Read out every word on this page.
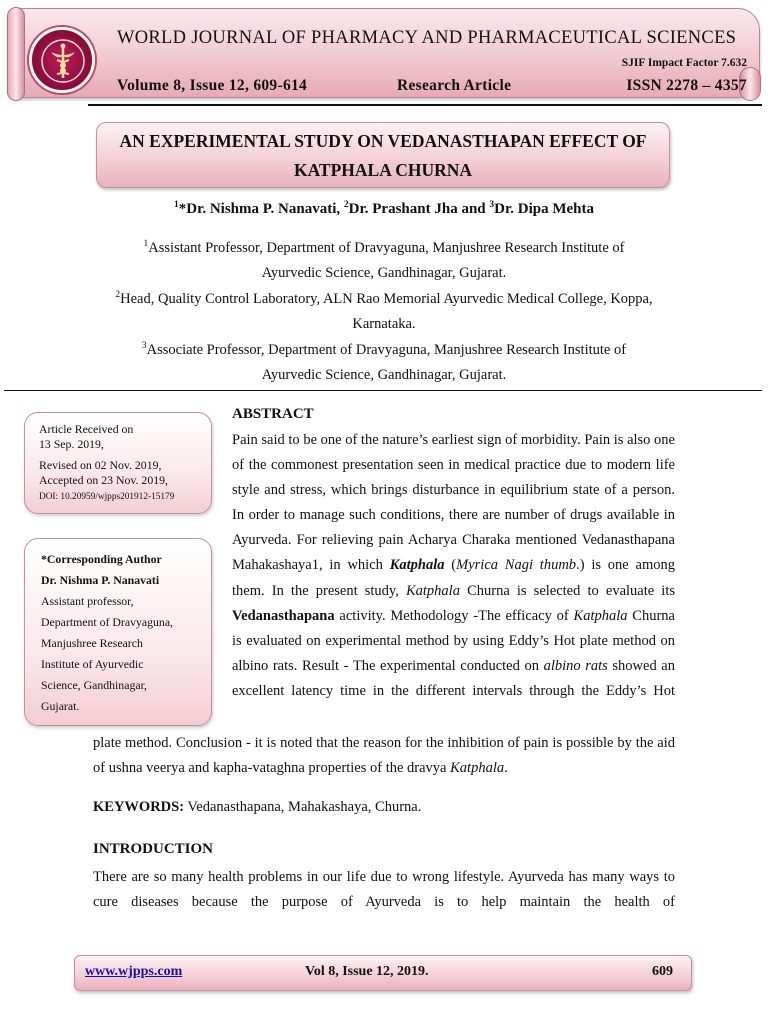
WORLD JOURNAL OF PHARMACY AND PHARMACEUTICAL SCIENCES
SJIF Impact Factor 7.632
Volume 8, Issue 12, 609-614	Research Article	ISSN 2278 – 4357
AN EXPERIMENTAL STUDY ON VEDANASTHAPAN EFFECT OF
KATPHALA CHURNA
$^1$*Dr. Nishma P. Nanavati, $^2$Dr. Prashant Jha and $^3$Dr. Dipa Mehta
$^1$Assistant Professor, Department of Dravyaguna, Manjushree Research Institute of
Ayurvedic Science, Gandhinagar, Gujarat.
$^2$Head, Quality Control Laboratory, ALN Rao Memorial Ayurvedic Medical College, Koppa,
Karnataka.
$^3$Associate Professor, Department of Dravyaguna, Manjushree Research Institute of
Ayurvedic Science, Gandhinagar, Gujarat.
Article Received on
13 Sep. 2019,
Revised on 02 Nov. 2019,
Accepted on 23 Nov. 2019,
DOI: 10.20959/wjpps201912-15179
*Corresponding Author
Dr. Nishma P. Nanavati
Assistant professor,
Department of Dravyaguna,
Manjushree Research
Institute of Ayurvedic
Science, Gandhinagar,
Gujarat.
ABSTRACT
Pain said to be one of the nature’s earliest sign of morbidity. Pain is also one of the commonest presentation seen in medical practice due to modern life style and stress, which brings disturbance in equilibrium state of a person. In order to manage such conditions, there are number of drugs available in Ayurveda. For relieving pain Acharya Charaka mentioned Vedanasthapana Mahakashaya1, in which Katphala (Myrica Nagi thumb.) is one among them. In the present study, Katphala Churna is selected to evaluate its Vedanasthapana activity. Methodology -The efficacy of Katphala Churna is evaluated on experimental method by using Eddy’s Hot plate method on albino rats. Result - The experimental conducted on albino rats showed an excellent latency time in the different intervals through the Eddy’s Hot
plate method. Conclusion - it is noted that the reason for the inhibition of pain is possible by the aid of ushna veerya and kapha-vataghna properties of the dravya Katphala.
KEYWORDS: Vedanasthapana, Mahakashaya, Churna.
INTRODUCTION
There are so many health problems in our life due to wrong lifestyle. Ayurveda has many ways to cure diseases because the purpose of Ayurveda is to help maintain the health of
www.wjpps.com	Vol 8, Issue 12, 2019.	609
